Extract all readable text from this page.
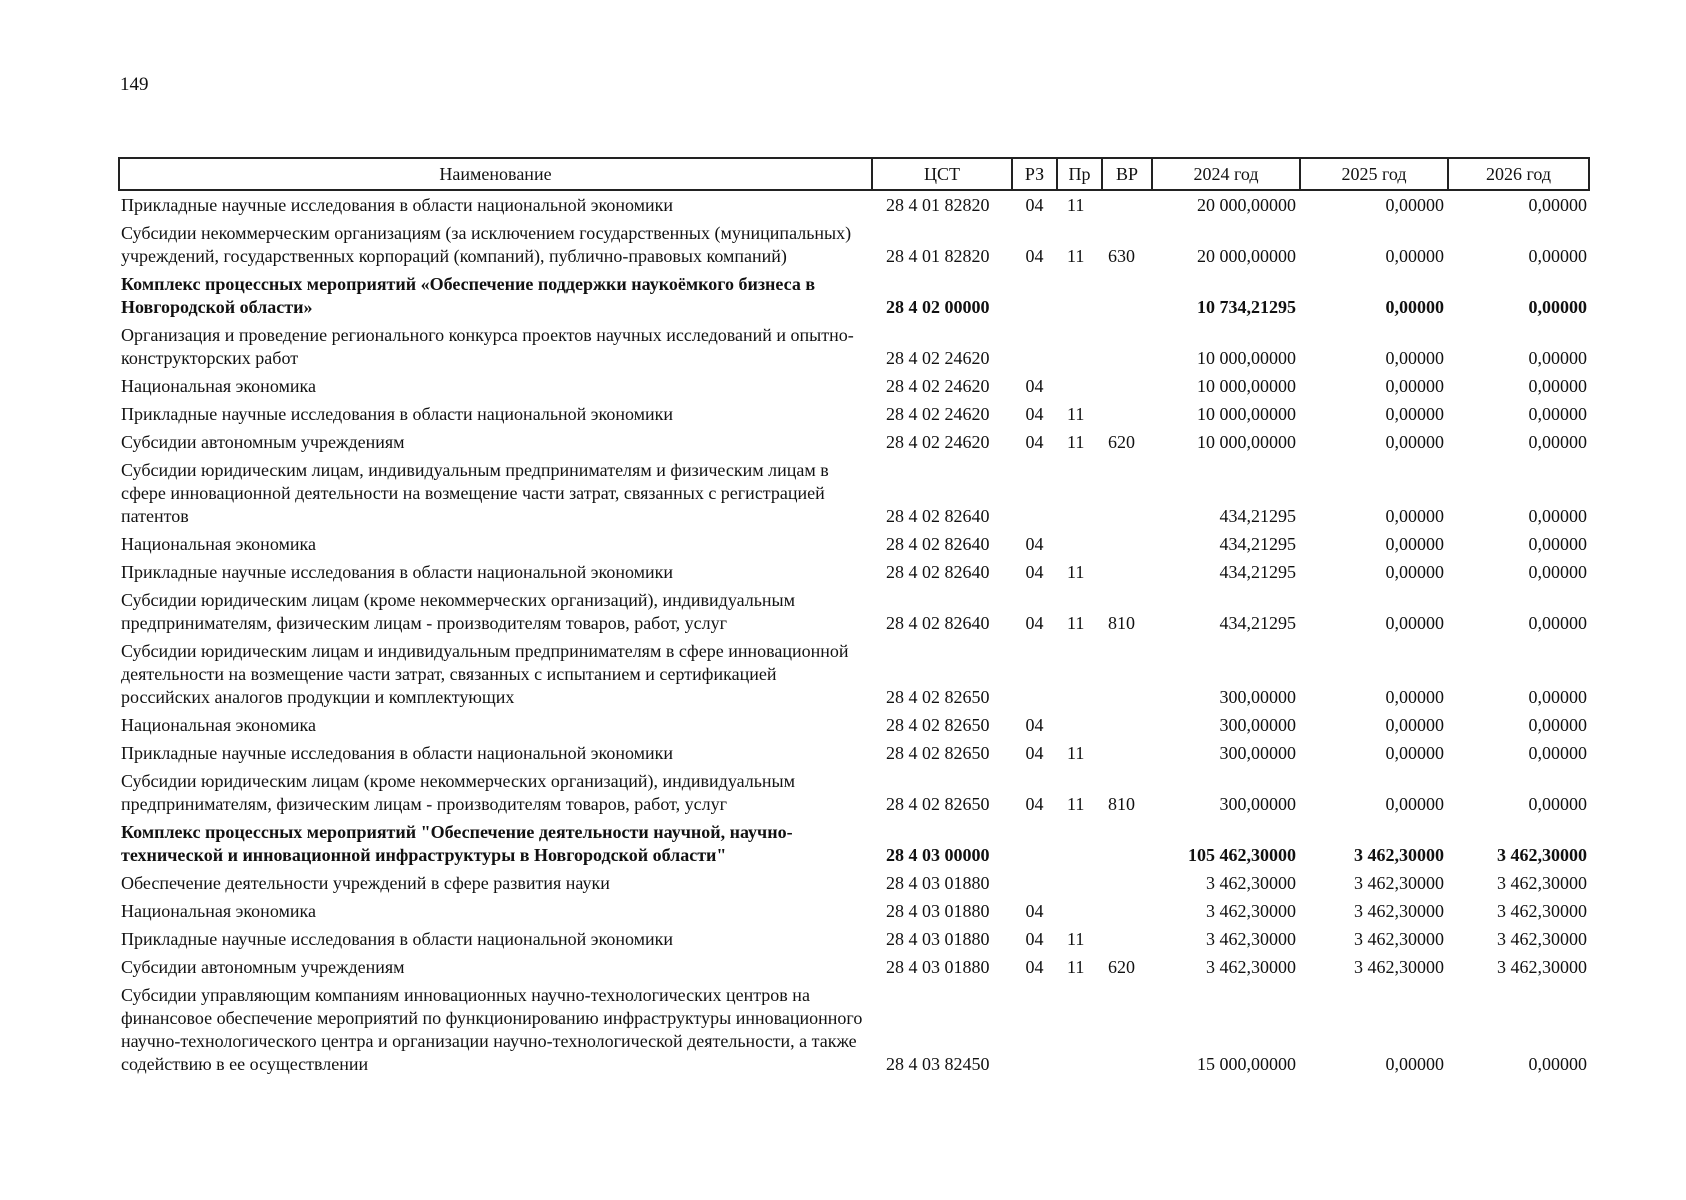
149
Наименование	ЦСТ	РЗ	Пр	ВР	2024 год	2025 год	2026 год
Прикладные научные исследования в области национальной экономики	28 4 01 82820	04	11		20 000,00000	0,00000	0,00000
Субсидии некоммерческим организациям (за исключением государственных (муниципальных) учреждений, государственных корпораций (компаний), публично-правовых компаний)	28 4 01 82820	04	11	630	20 000,00000	0,00000	0,00000
Комплекс процессных мероприятий «Обеспечение поддержки наукоёмкого бизнеса в Новгородской области»	28 4 02 00000				10 734,21295	0,00000	0,00000
Организация и проведение регионального конкурса проектов научных исследований и опытно-конструкторских работ	28 4 02 24620				10 000,00000	0,00000	0,00000
Национальная экономика	28 4 02 24620	04			10 000,00000	0,00000	0,00000
Прикладные научные исследования в области национальной экономики	28 4 02 24620	04	11		10 000,00000	0,00000	0,00000
Субсидии автономным учреждениям	28 4 02 24620	04	11	620	10 000,00000	0,00000	0,00000
Субсидии юридическим лицам, индивидуальным предпринимателям и физическим лицам в сфере инновационной деятельности на возмещение части затрат, связанных с регистрацией патентов	28 4 02 82640				434,21295	0,00000	0,00000
Национальная экономика	28 4 02 82640	04			434,21295	0,00000	0,00000
Прикладные научные исследования в области национальной экономики	28 4 02 82640	04	11		434,21295	0,00000	0,00000
Субсидии юридическим лицам (кроме некоммерческих организаций), индивидуальным предпринимателям, физическим лицам - производителям товаров, работ, услуг	28 4 02 82640	04	11	810	434,21295	0,00000	0,00000
Субсидии юридическим лицам и индивидуальным предпринимателям в сфере инновационной деятельности на возмещение части затрат, связанных с испытанием и сертификацией российских аналогов продукции и комплектующих	28 4 02 82650				300,00000	0,00000	0,00000
Национальная экономика	28 4 02 82650	04			300,00000	0,00000	0,00000
Прикладные научные исследования в области национальной экономики	28 4 02 82650	04	11		300,00000	0,00000	0,00000
Субсидии юридическим лицам (кроме некоммерческих организаций), индивидуальным предпринимателям, физическим лицам - производителям товаров, работ, услуг	28 4 02 82650	04	11	810	300,00000	0,00000	0,00000
Комплекс процессных мероприятий "Обеспечение деятельности научной, научно-технической и инновационной инфраструктуры в Новгородской области"	28 4 03 00000				105 462,30000	3 462,30000	3 462,30000
Обеспечение деятельности учреждений в сфере развития науки	28 4 03 01880				3 462,30000	3 462,30000	3 462,30000
Национальная экономика	28 4 03 01880	04			3 462,30000	3 462,30000	3 462,30000
Прикладные научные исследования в области национальной экономики	28 4 03 01880	04	11		3 462,30000	3 462,30000	3 462,30000
Субсидии автономным учреждениям	28 4 03 01880	04	11	620	3 462,30000	3 462,30000	3 462,30000
Субсидии управляющим компаниям инновационных научно-технологических центров на финансовое обеспечение мероприятий по функционированию инфраструктуры инновационного научно-технологического центра и организации научно-технологической деятельности, а также содействию в ее осуществлении	28 4 03 82450				15 000,00000	0,00000	0,00000
